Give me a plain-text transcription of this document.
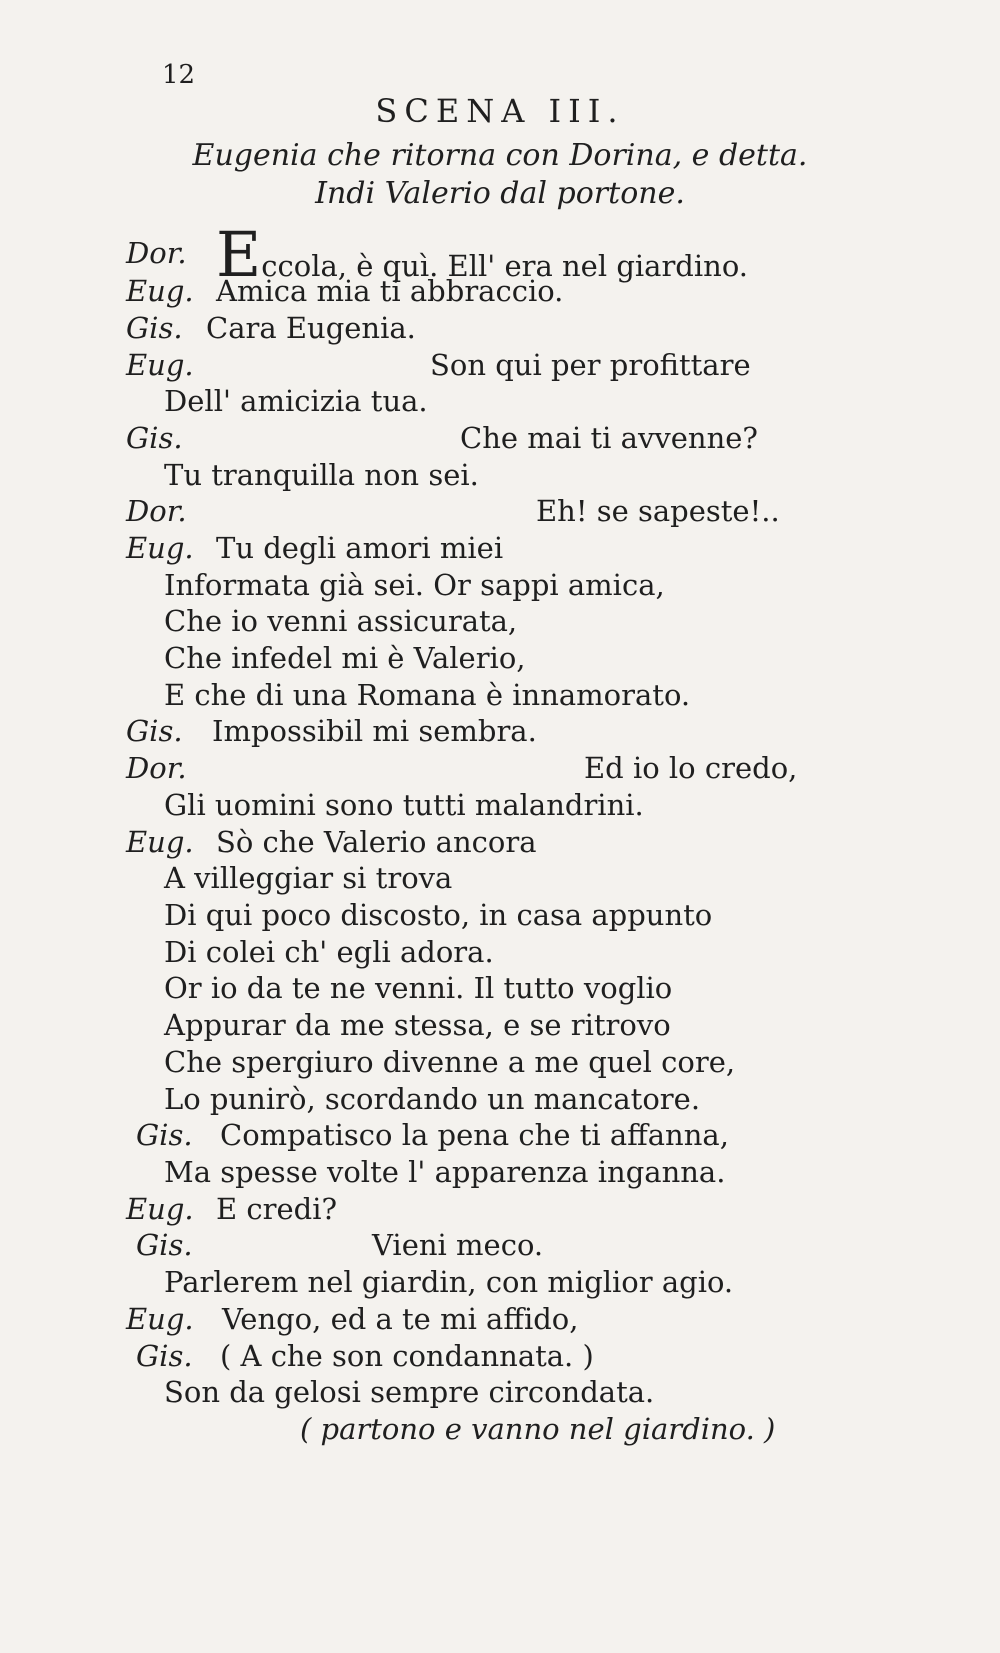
12
SCENA III.
Eugenia che ritorna con Dorina, e detta.
Indi Valerio dal portone.
Dor. Eccola, è quì. Ell' era nel giardino.
Eug. Amica mia ti abbraccio.
Gis. Cara Eugenia.
Eug.	Son qui per profittare
Dell' amicizia tua.
Gis.	Che mai ti avvenne?
Tu tranquilla non sei.
Dor.	Eh! se sapeste!..
Eug. Tu degli amori miei
Informata già sei. Or sappi amica,
Che io venni assicurata,
Che infedel mi è Valerio,
E che di una Romana è innamorato.
Gis. Impossibil mi sembra.
Dor.	Ed io lo credo,
Gli uomini sono tutti malandrini.
Eug. Sò che Valerio ancora
A villeggiar si trova
Di qui poco discosto, in casa appunto
Di colei ch' egli adora.
Or io da te ne venni. Il tutto voglio
Appurar da me stessa, e se ritrovo
Che spergiuro divenne a me quel core,
Lo punirò, scordando un mancatore.
Gis. Compatisco la pena che ti affanna,
Ma spesse volte l' apparenza inganna.
Eug. E credi?
Gis.	Vieni meco.
Parlerem nel giardin, con miglior agio.
Eug. Vengo, ed a te mi affido,
Gis. ( A che son condannata. )
Son da gelosi sempre circondata.
( partono e vanno nel giardino. )
